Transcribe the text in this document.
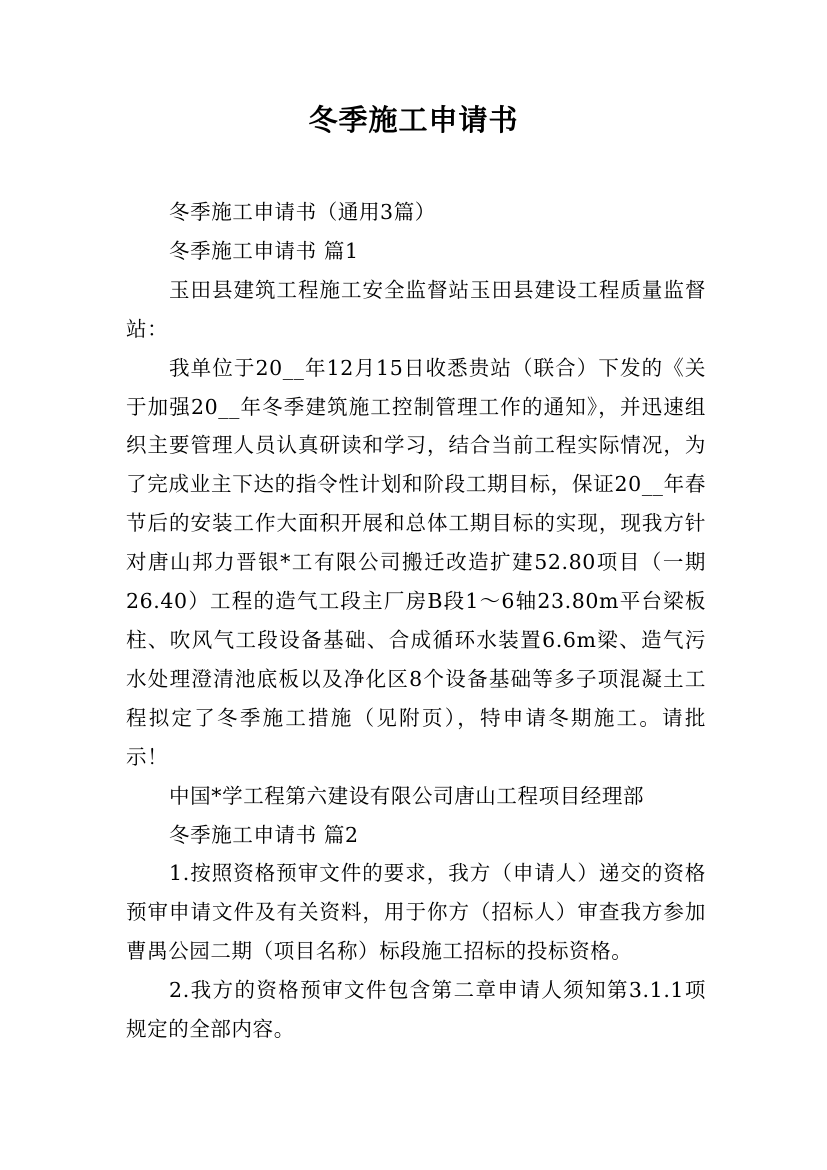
冬季施工申请书

冬季施工申请书（通用3篇）

冬季施工申请书 篇1

玉田县建筑工程施工安全监督站玉田县建设工程质量监督站：

我单位于20__年12月15日收悉贵站（联合）下发的《关于加强20__年冬季建筑施工控制管理工作的通知》，并迅速组织主要管理人员认真研读和学习，结合当前工程实际情况，为了完成业主下达的指令性计划和阶段工期目标，保证20__年春节后的安装工作大面积开展和总体工期目标的实现，现我方针对唐山邦力晋银*工有限公司搬迁改造扩建52.80项目（一期26.40）工程的造气工段主厂房B段1～6轴23.80m平台梁板柱、吹风气工段设备基础、合成循环水装置6.6m梁、造气污水处理澄清池底板以及净化区8个设备基础等多子项混凝土工程拟定了冬季施工措施（见附页），特申请冬期施工。请批示！

中国*学工程第六建设有限公司唐山工程项目经理部

冬季施工申请书 篇2

1.按照资格预审文件的要求，我方（申请人）递交的资格预审申请文件及有关资料，用于你方（招标人）审查我方参加曹禺公园二期（项目名称）标段施工招标的投标资格。

2.我方的资格预审文件包含第二章申请人须知第3.1.1项规定的全部内容。
